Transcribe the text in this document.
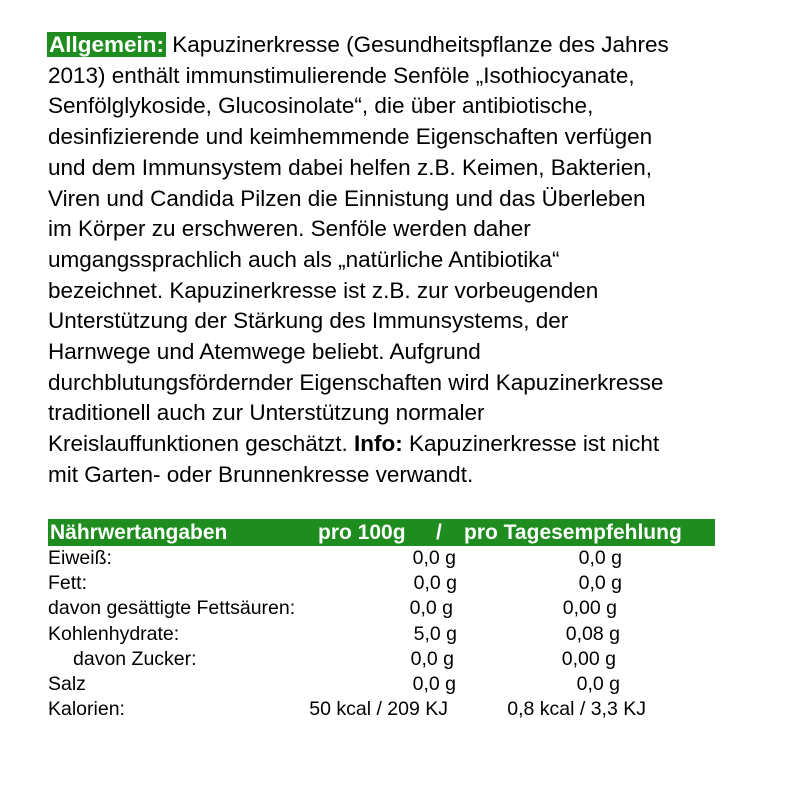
Allgemein: Kapuzinerkresse (Gesundheitspflanze des Jahres
2013) enthält immunstimulierende Senföle „Isothiocyanate,
Senfölglykoside, Glucosinolate“, die über antibiotische,
desinfizierende und keimhemmende Eigenschaften verfügen
und dem Immunsystem dabei helfen z.B. Keimen, Bakterien,
Viren und Candida Pilzen die Einnistung und das Überleben
im Körper zu erschweren. Senföle werden daher
umgangssprachlich auch als „natürliche Antibiotika“
bezeichnet. Kapuzinerkresse ist z.B. zur vorbeugenden
Unterstützung der Stärkung des Immunsystems, der
Harnwege und Atemwege beliebt. Aufgrund
durchblutungsfördernder Eigenschaften wird Kapuzinerkresse
traditionell auch zur Unterstützung normaler
Kreislauffunktionen geschätzt. Info: Kapuzinerkresse ist nicht
mit Garten- oder Brunnenkresse verwandt.
Nährwertangaben	pro 100g / pro Tagesempfehlung
Eiweiß:	0,0 g	0,0 g
Fett:	0,0 g	0,0 g
davon gesättigte Fettsäuren:	0,0 g	0,00 g
Kohlenhydrate:	5,0 g	0,08 g
davon Zucker:	0,0 g	0,00 g
Salz	0,0 g	0,0 g
Kalorien:	50 kcal / 209 KJ	0,8 kcal / 3,3 KJ
